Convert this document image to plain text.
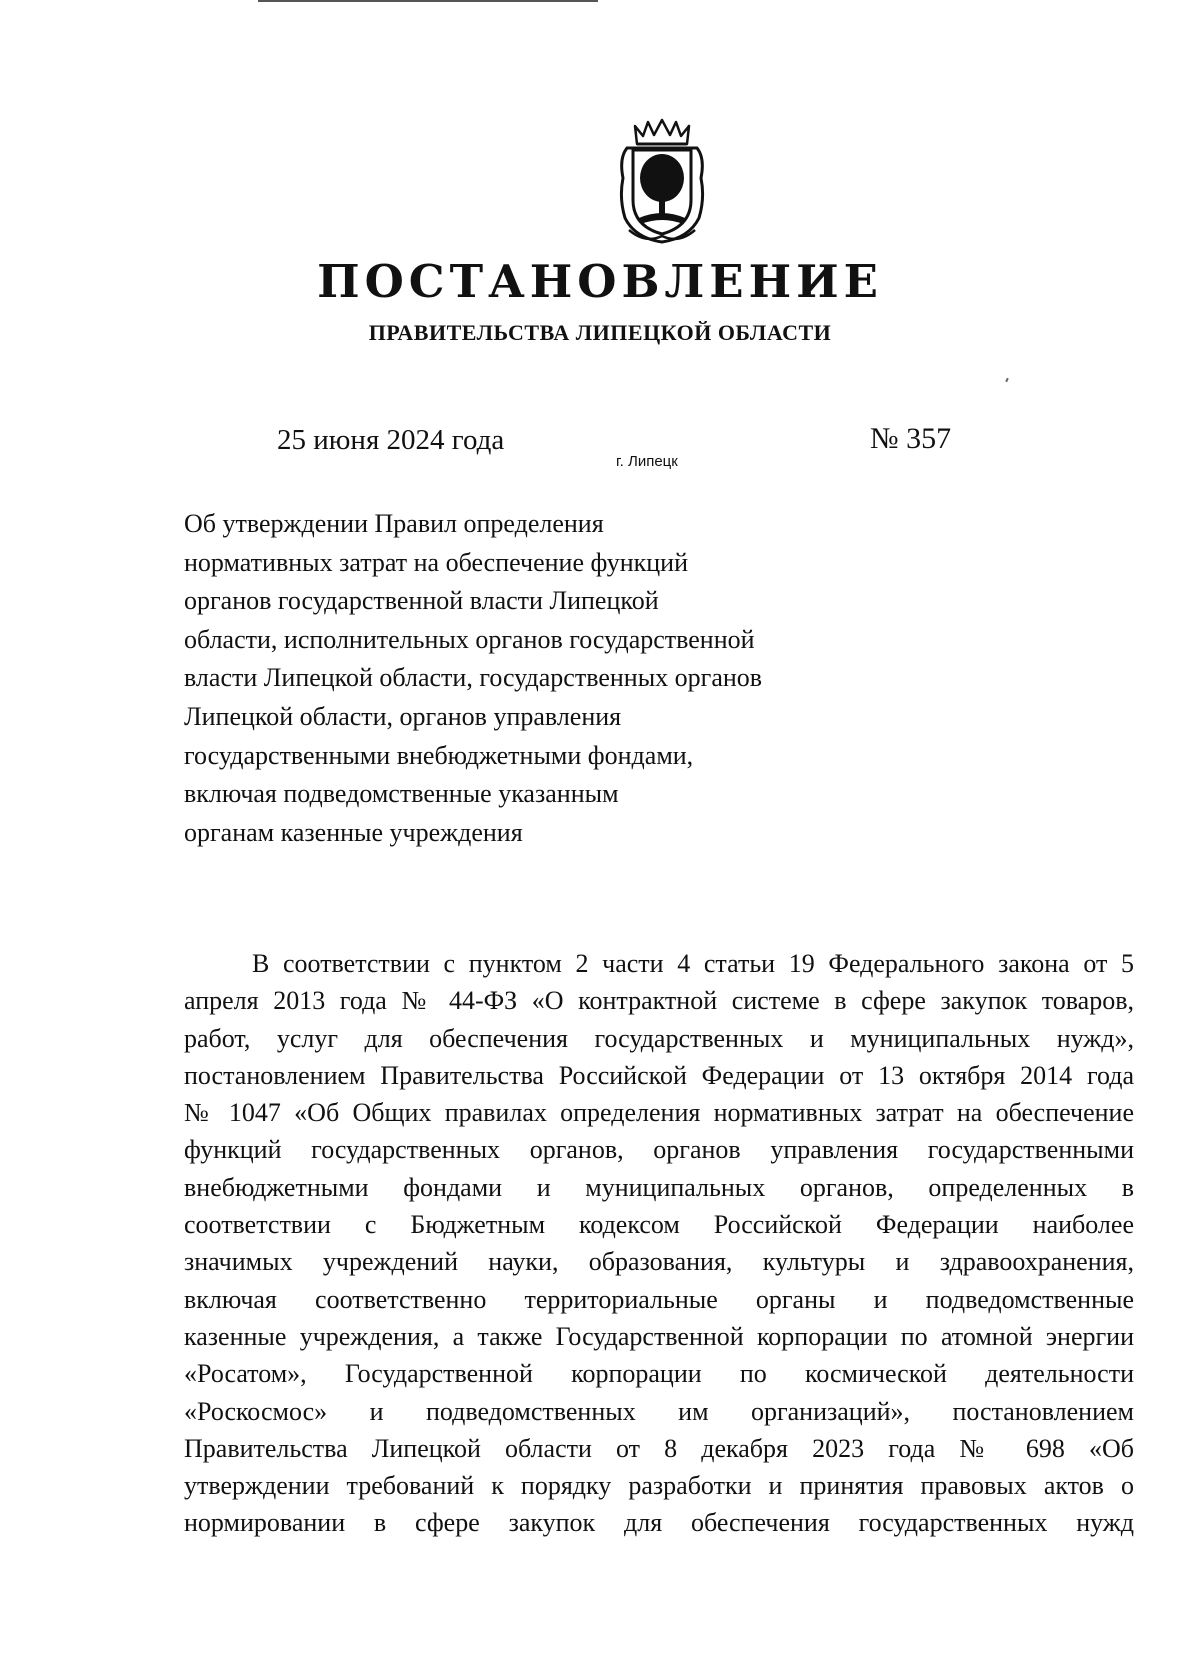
ПОСТАНОВЛЕНИЕ
ПРАВИТЕЛЬСТВА ЛИПЕЦКОЙ ОБЛАСТИ
25 июня 2024 года
г. Липецк
№ 357
Об утверждении Правил определения
нормативных затрат на обеспечение функций
органов государственной власти Липецкой
области, исполнительных органов государственной
власти Липецкой области, государственных органов
Липецкой области, органов управления
государственными внебюджетными фондами,
включая подведомственные указанным
органам казенные учреждения
В соответствии с пунктом 2 части 4 статьи 19 Федерального закона от 5
апреля 2013 года № 44-ФЗ «О контрактной системе в сфере закупок товаров,
работ, услуг для обеспечения государственных и муниципальных нужд»,
постановлением Правительства Российской Федерации от 13 октября 2014 года
№ 1047 «Об Общих правилах определения нормативных затрат на обеспечение
функций государственных органов, органов управления государственными
внебюджетными фондами и муниципальных органов, определенных в
соответствии с Бюджетным кодексом Российской Федерации наиболее
значимых учреждений науки, образования, культуры и здравоохранения,
включая соответственно территориальные органы и подведомственные
казенные учреждения, а также Государственной корпорации по атомной энергии
«Росатом», Государственной корпорации по космической деятельности
«Роскосмос» и подведомственных им организаций», постановлением
Правительства Липецкой области от 8 декабря 2023 года № 698 «Об
утверждении требований к порядку разработки и принятия правовых актов о
нормировании в сфере закупок для обеспечения государственных нужд
